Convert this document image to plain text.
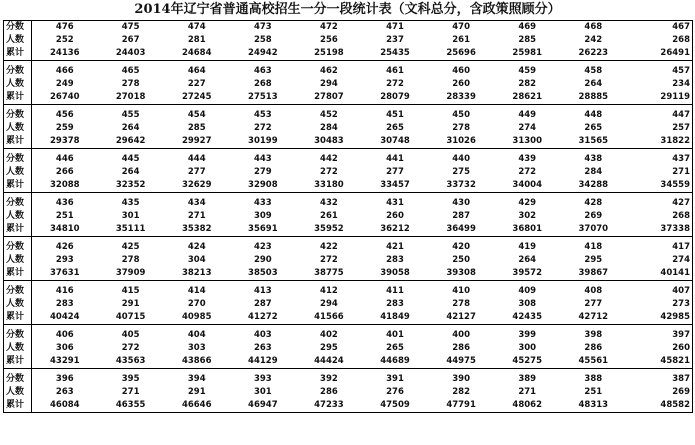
2014年辽宁省普通高校招生一分一段统计表（文科总分，含政策照顾分）
分数	476	475	474	473	472	471	470	469	468	467
人数	252	267	281	258	256	237	261	285	242	268
累计	24136	24403	24684	24942	25198	25435	25696	25981	26223	26491
分数	466	465	464	463	462	461	460	459	458	457
人数	249	278	227	268	294	272	260	282	264	234
累计	26740	27018	27245	27513	27807	28079	28339	28621	28885	29119
分数	456	455	454	453	452	451	450	449	448	447
人数	259	264	285	272	284	265	278	274	265	257
累计	29378	29642	29927	30199	30483	30748	31026	31300	31565	31822
分数	446	445	444	443	442	441	440	439	438	437
人数	266	264	277	279	272	277	275	272	284	271
累计	32088	32352	32629	32908	33180	33457	33732	34004	34288	34559
分数	436	435	434	433	432	431	430	429	428	427
人数	251	301	271	309	261	260	287	302	269	268
累计	34810	35111	35382	35691	35952	36212	36499	36801	37070	37338
分数	426	425	424	423	422	421	420	419	418	417
人数	293	278	304	290	272	283	250	264	295	274
累计	37631	37909	38213	38503	38775	39058	39308	39572	39867	40141
分数	416	415	414	413	412	411	410	409	408	407
人数	283	291	270	287	294	283	278	308	277	273
累计	40424	40715	40985	41272	41566	41849	42127	42435	42712	42985
分数	406	405	404	403	402	401	400	399	398	397
人数	306	272	303	263	295	265	286	300	286	260
累计	43291	43563	43866	44129	44424	44689	44975	45275	45561	45821
分数	396	395	394	393	392	391	390	389	388	387
人数	263	271	291	301	286	276	282	271	251	269
累计	46084	46355	46646	46947	47233	47509	47791	48062	48313	48582
